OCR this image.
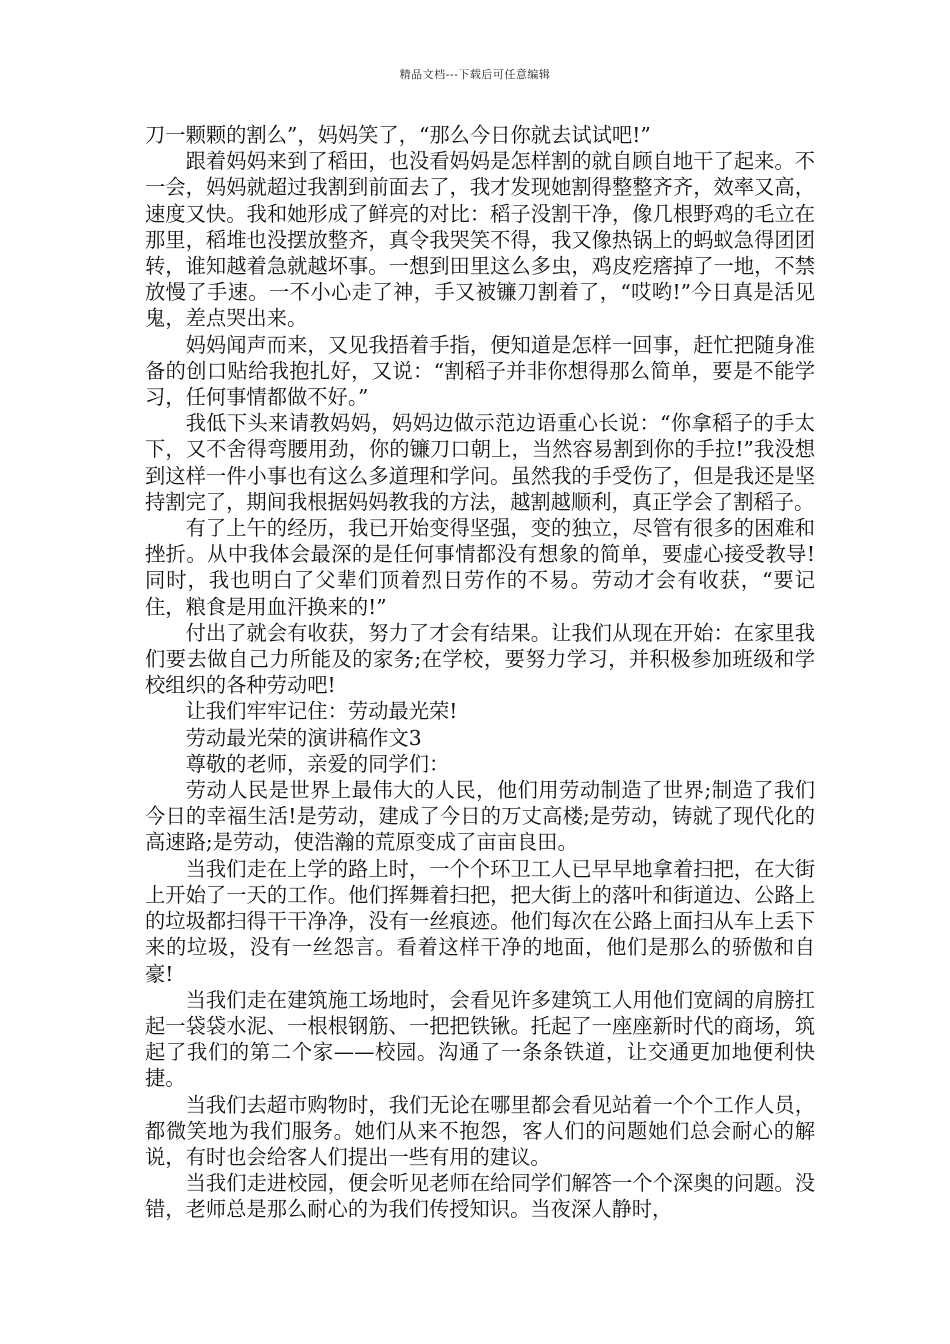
精品文档---下载后可任意编辑

刀一颗颗的割么”，妈妈笑了，“那么今日你就去试试吧!”

跟着妈妈来到了稻田，也没看妈妈是怎样割的就自顾自地干了起来。不一会，妈妈就超过我割到前面去了，我才发现她割得整整齐齐，效率又高，速度又快。我和她形成了鲜亮的对比：稻子没割干净，像几根野鸡的毛立在那里，稻堆也没摆放整齐，真令我哭笑不得，我又像热锅上的蚂蚁急得团团转，谁知越着急就越坏事。一想到田里这么多虫，鸡皮疙瘩掉了一地，不禁放慢了手速。一不小心走了神，手又被镰刀割着了，“哎哟!”今日真是活见鬼，差点哭出来。

妈妈闻声而来，又见我捂着手指，便知道是怎样一回事，赶忙把随身准备的创口贴给我抱扎好，又说：“割稻子并非你想得那么简单，要是不能学习，任何事情都做不好。”

我低下头来请教妈妈，妈妈边做示范边语重心长说：“你拿稻子的手太下，又不舍得弯腰用劲，你的镰刀口朝上，当然容易割到你的手拉!”我没想到这样一件小事也有这么多道理和学问。虽然我的手受伤了，但是我还是坚持割完了，期间我根据妈妈教我的方法，越割越顺利，真正学会了割稻子。

有了上午的经历，我已开始变得坚强，变的独立，尽管有很多的困难和挫折。从中我体会最深的是任何事情都没有想象的简单，要虚心接受教导!同时，我也明白了父辈们顶着烈日劳作的不易。劳动才会有收获，“要记住，粮食是用血汗换来的!”

付出了就会有收获，努力了才会有结果。让我们从现在开始：在家里我们要去做自己力所能及的家务;在学校，要努力学习，并积极参加班级和学校组织的各种劳动吧!

让我们牢牢记住：劳动最光荣!

劳动最光荣的演讲稿作文3

尊敬的老师，亲爱的同学们：

劳动人民是世界上最伟大的人民，他们用劳动制造了世界;制造了我们今日的幸福生活!是劳动，建成了今日的万丈高楼;是劳动，铸就了现代化的高速路;是劳动，使浩瀚的荒原变成了亩亩良田。

当我们走在上学的路上时，一个个环卫工人已早早地拿着扫把，在大街上开始了一天的工作。他们挥舞着扫把，把大街上的落叶和街道边、公路上的垃圾都扫得干干净净，没有一丝痕迹。他们每次在公路上面扫从车上丢下来的垃圾，没有一丝怨言。看着这样干净的地面，他们是那么的骄傲和自豪!

当我们走在建筑施工场地时，会看见许多建筑工人用他们宽阔的肩膀扛起一袋袋水泥、一根根钢筋、一把把铁锹。托起了一座座新时代的商场，筑起了我们的第二个家——校园。沟通了一条条铁道，让交通更加地便利快捷。

当我们去超市购物时，我们无论在哪里都会看见站着一个个工作人员，都微笑地为我们服务。她们从来不抱怨，客人们的问题她们总会耐心的解说，有时也会给客人们提出一些有用的建议。

当我们走进校园，便会听见老师在给同学们解答一个个深奥的问题。没错，老师总是那么耐心的为我们传授知识。当夜深人静时，
